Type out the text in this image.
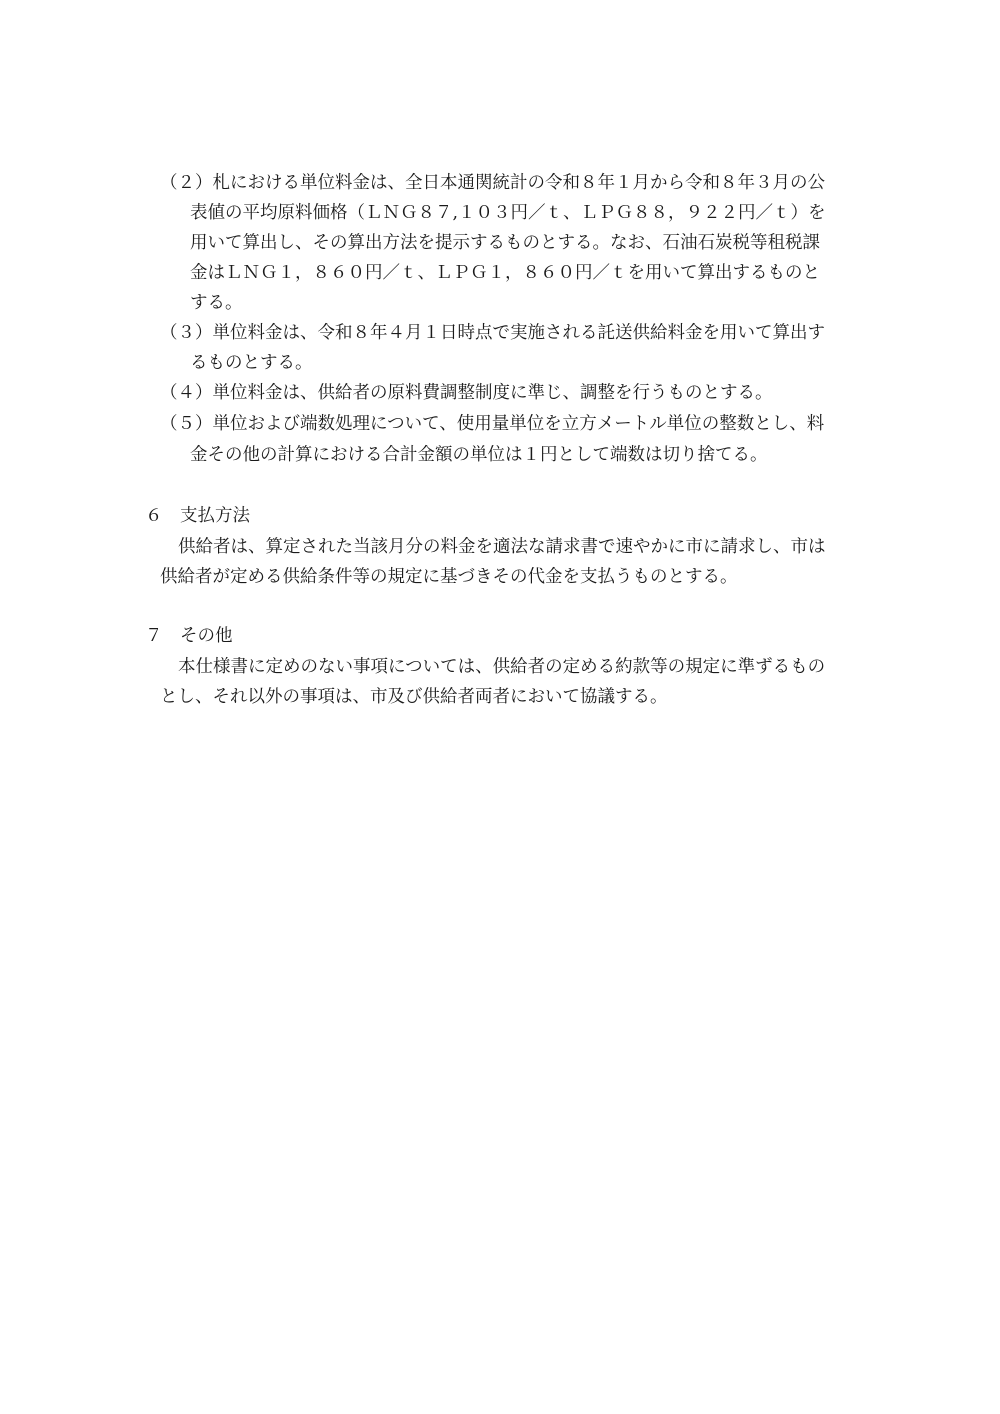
（２）札における単位料金は、全日本通関統計の令和８年１月から令和８年３月の公
表値の平均原料価格（ＬＮＧ８７,１０３円／ｔ、ＬＰＧ８８，９２２円／ｔ）を
用いて算出し、その算出方法を提示するものとする。なお、石油石炭税等租税課
金はＬＮＧ１，８６０円／ｔ、ＬＰＧ１，８６０円／ｔを用いて算出するものと
する。
（３）単位料金は、令和８年４月１日時点で実施される託送供給料金を用いて算出す
るものとする。
（４）単位料金は、供給者の原料費調整制度に準じ、調整を行うものとする。
（５）単位および端数処理について、使用量単位を立方メートル単位の整数とし、料
金その他の計算における合計金額の単位は１円として端数は切り捨てる。
６　支払方法
供給者は、算定された当該月分の料金を適法な請求書で速やかに市に請求し、市は
供給者が定める供給条件等の規定に基づきその代金を支払うものとする。
７　その他
本仕様書に定めのない事項については、供給者の定める約款等の規定に準ずるもの
とし、それ以外の事項は、市及び供給者両者において協議する。
